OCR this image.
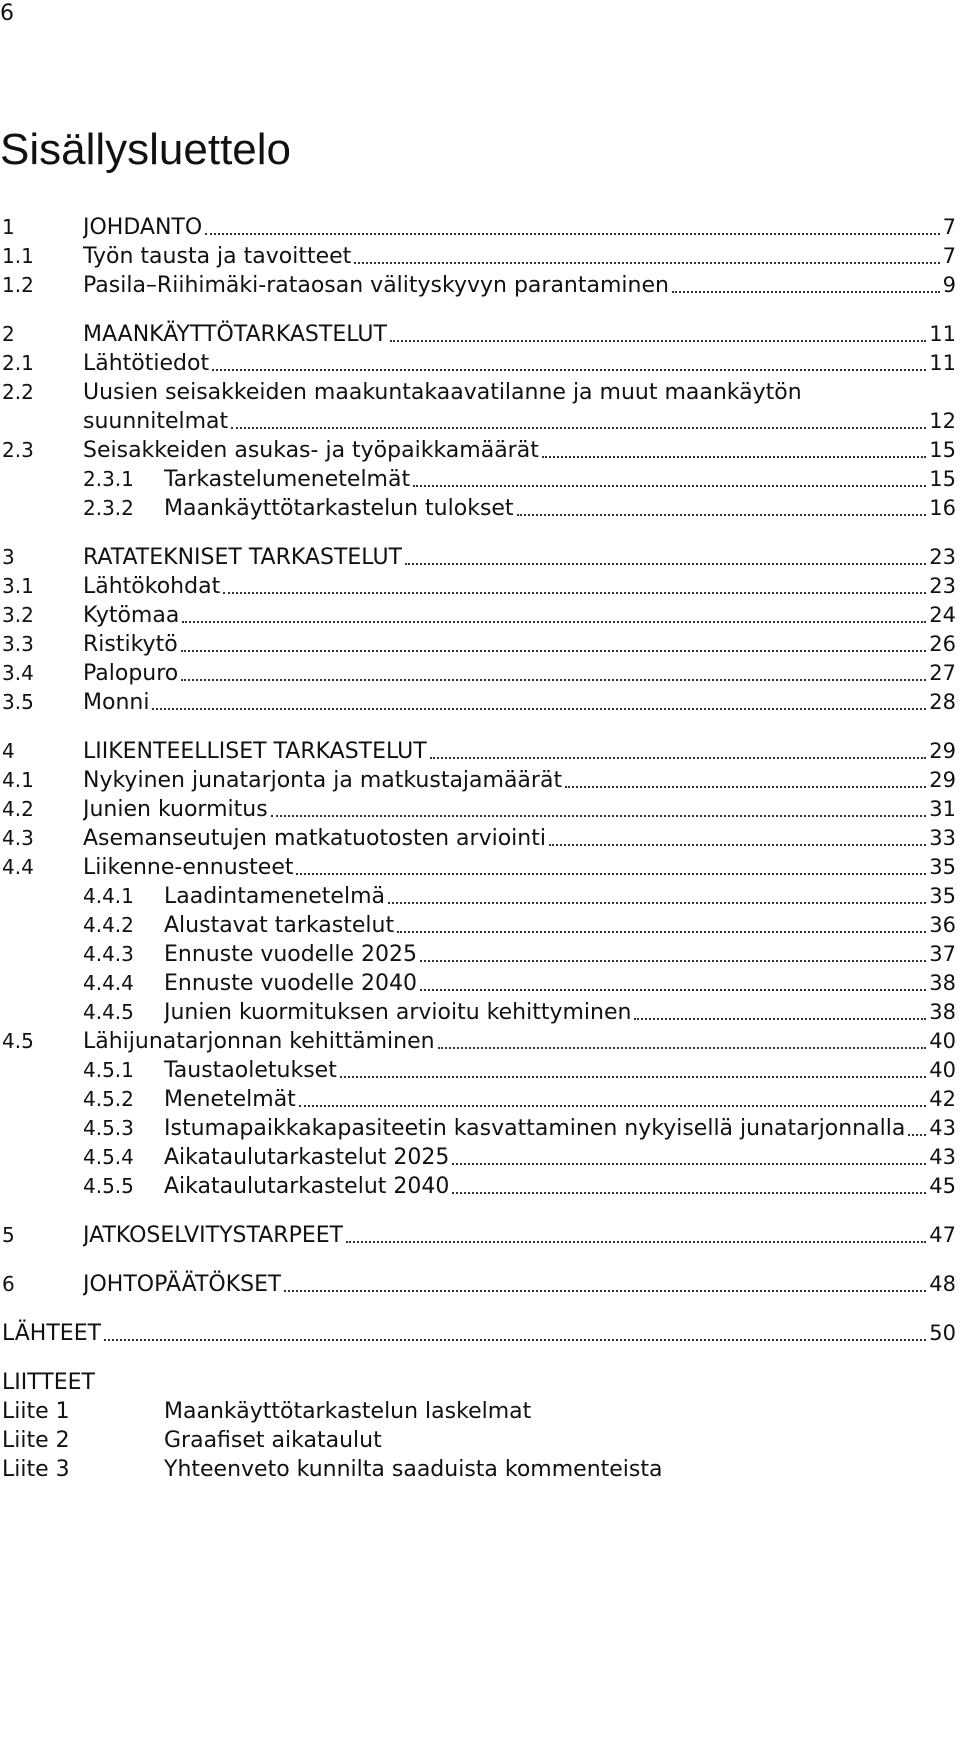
6
Sisällysluettelo
1	JOHDANTO	7
1.1 Työn tausta ja tavoitteet	7
1.2 Pasila–Riihimäki-rataosan välityskyvyn parantaminen	9
2	MAANKÄYTTÖTARKASTELUT	11
2.1 Lähtötiedot	11
2.2 Uusien seisakkeiden maakuntakaavatilanne ja muut maankäytön
suunnitelmat	12
2.3 Seisakkeiden asukas- ja työpaikkamäärät	15
2.3.1 Tarkastelumenetelmät	15
2.3.2 Maankäyttötarkastelun tulokset	16
3	RATATEKNISET TARKASTELUT	23
3.1 Lähtökohdat	23
3.2 Kytömaa	24
3.3 Ristikytö	26
3.4 Palopuro	27
3.5 Monni	28
4	LIIKENTEELLISET TARKASTELUT	29
4.1 Nykyinen junatarjonta ja matkustajamäärät	29
4.2 Junien kuormitus	31
4.3 Asemanseutujen matkatuotosten arviointi	33
4.4 Liikenne-ennusteet	35
4.4.1 Laadintamenetelmä	35
4.4.2 Alustavat tarkastelut	36
4.4.3 Ennuste vuodelle 2025	37
4.4.4 Ennuste vuodelle 2040	38
4.4.5 Junien kuormituksen arvioitu kehittyminen	38
4.5 Lähijunatarjonnan kehittäminen	40
4.5.1 Taustaoletukset	40
4.5.2 Menetelmät	42
4.5.3 Istumapaikkakapasiteetin kasvattaminen nykyisellä junatarjonnalla 43
4.5.4 Aikataulutarkastelut 2025	43
4.5.5 Aikataulutarkastelut 2040	45
5	JATKOSELVITYSTARPEET	47
6	JOHTOPÄÄTÖKSET	48
LÄHTEET	50
LIITTEET
Liite 1	Maankäyttötarkastelun laskelmat
Liite 2	Graafiset aikataulut
Liite 3	Yhteenveto kunnilta saaduista kommenteista
